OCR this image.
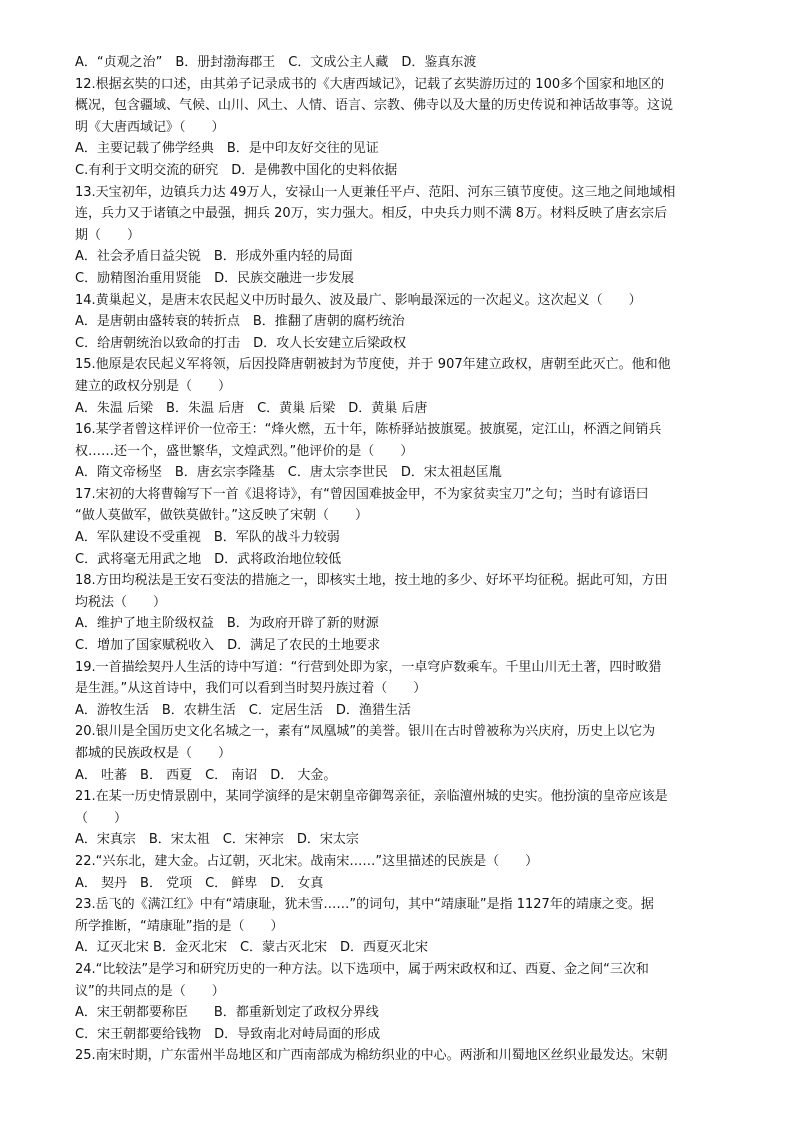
A．“贞观之治”　B．册封渤海郡王　C．文成公主人藏　D．鉴真东渡
12.根据玄奘的口述，由其弟子记录成书的《大唐西域记》，记载了玄奘游历过的 100多个国家和地区的
概况，包含疆域、气候、山川、风土、人情、语言、宗教、佛寺以及大量的历史传说和神话故事等。这说
明《大唐西域记》（　　）
A．主要记载了佛学经典　B．是中印友好交往的见证
C.有利于文明交流的研究　D．是佛教中国化的史料依据
13.天宝初年，边镇兵力达 49万人，安禄山一人更兼任平卢、范阳、河东三镇节度使。这三地之间地域相
连，兵力又于诸镇之中最强，拥兵 20万，实力强大。相反，中央兵力则不满 8万。材料反映了唐玄宗后
期（　　）
A．社会矛盾日益尖锐　B．形成外重内轻的局面
C．励精图治重用贤能　D．民族交融进一步发展
14.黄巢起义，是唐末农民起义中历时最久、波及最广、影响最深远的一次起义。这次起义（　　）
A．是唐朝由盛转衰的转折点　B．推翻了唐朝的腐朽统治
C．给唐朝统治以致命的打击　D．攻人长安建立后梁政权
15.他原是农民起义军将领，后因投降唐朝被封为节度使，并于 907年建立政权，唐朝至此灭亡。他和他
建立的政权分别是（　　）
A．朱温 后梁　B．朱温 后唐　C．黄巢 后梁　D．黄巢 后唐
16.某学者曾这样评价一位帝王：“烽火燃，五十年，陈桥驿站披旗冕。披旗冕，定江山，杯酒之间销兵
权……还一个，盛世繁华，文煌武烈。”他评价的是（　　）
A．隋文帝杨坚　B．唐玄宗李隆基　C．唐太宗李世民　D．宋太祖赵匡胤
17.宋初的大将曹翰写下一首《退将诗》，有“曾因国难披金甲，不为家贫卖宝刀”之句；当时有谚语曰
“做人莫做军，做铁莫做针。”这反映了宋朝（　　）
A．军队建设不受重视　B．军队的战斗力较弱
C．武将毫无用武之地　D．武将政治地位较低
18.方田均税法是王安石变法的措施之一，即核实土地，按土地的多少、好坏平均征税。据此可知，方田
均税法（　　）
A．维护了地主阶级权益　B．为政府开辟了新的财源
C．增加了国家赋税收入　D．满足了农民的土地要求
19.一首描绘契丹人生活的诗中写道：“行营到处即为家，一卓穹庐数乘车。千里山川无土著，四时畋猎
是生涯。”从这首诗中，我们可以看到当时契丹族过着（　　）
A．游牧生活　B．农耕生活　C．定居生活　D．渔猎生活
20.银川是全国历史文化名城之一，素有“凤凰城”的美誉。银川在古时曾被称为兴庆府，历史上以它为
都城的民族政权是（　　）
A． 吐蕃　B． 西夏　C． 南诏　D． 大金。
21.在某一历史情景剧中，某同学演绎的是宋朝皇帝御驾亲征，亲临澶州城的史实。他扮演的皇帝应该是
（　　）
A．宋真宗　B．宋太祖　C．宋神宗　D．宋太宗
22.“兴东北，建大金。占辽朝，灭北宋。战南宋……”这里描述的民族是（　　）
A． 契丹　B． 党项　C． 鲜卑　D． 女真
23.岳飞的《满江红》中有“靖康耻，犹未雪……”的词句，其中“靖康耻”是指 1127年的靖康之变。据
所学推断，“靖康耻”指的是（　　）
A．辽灭北宋 B．金灭北宋　C．蒙古灭北宋　D．西夏灭北宋
24.“比较法”是学习和研究历史的一种方法。以下选项中，属于两宋政权和辽、西夏、金之间“三次和
议”的共同点的是（　　）
A．宋王朝都要称臣　　B．都重新划定了政权分界线
C．宋王朝都要给钱物　D．导致南北对峙局面的形成
25.南宋时期，广东雷州半岛地区和广西南部成为棉纺织业的中心。两浙和川蜀地区丝织业最发达。宋朝
